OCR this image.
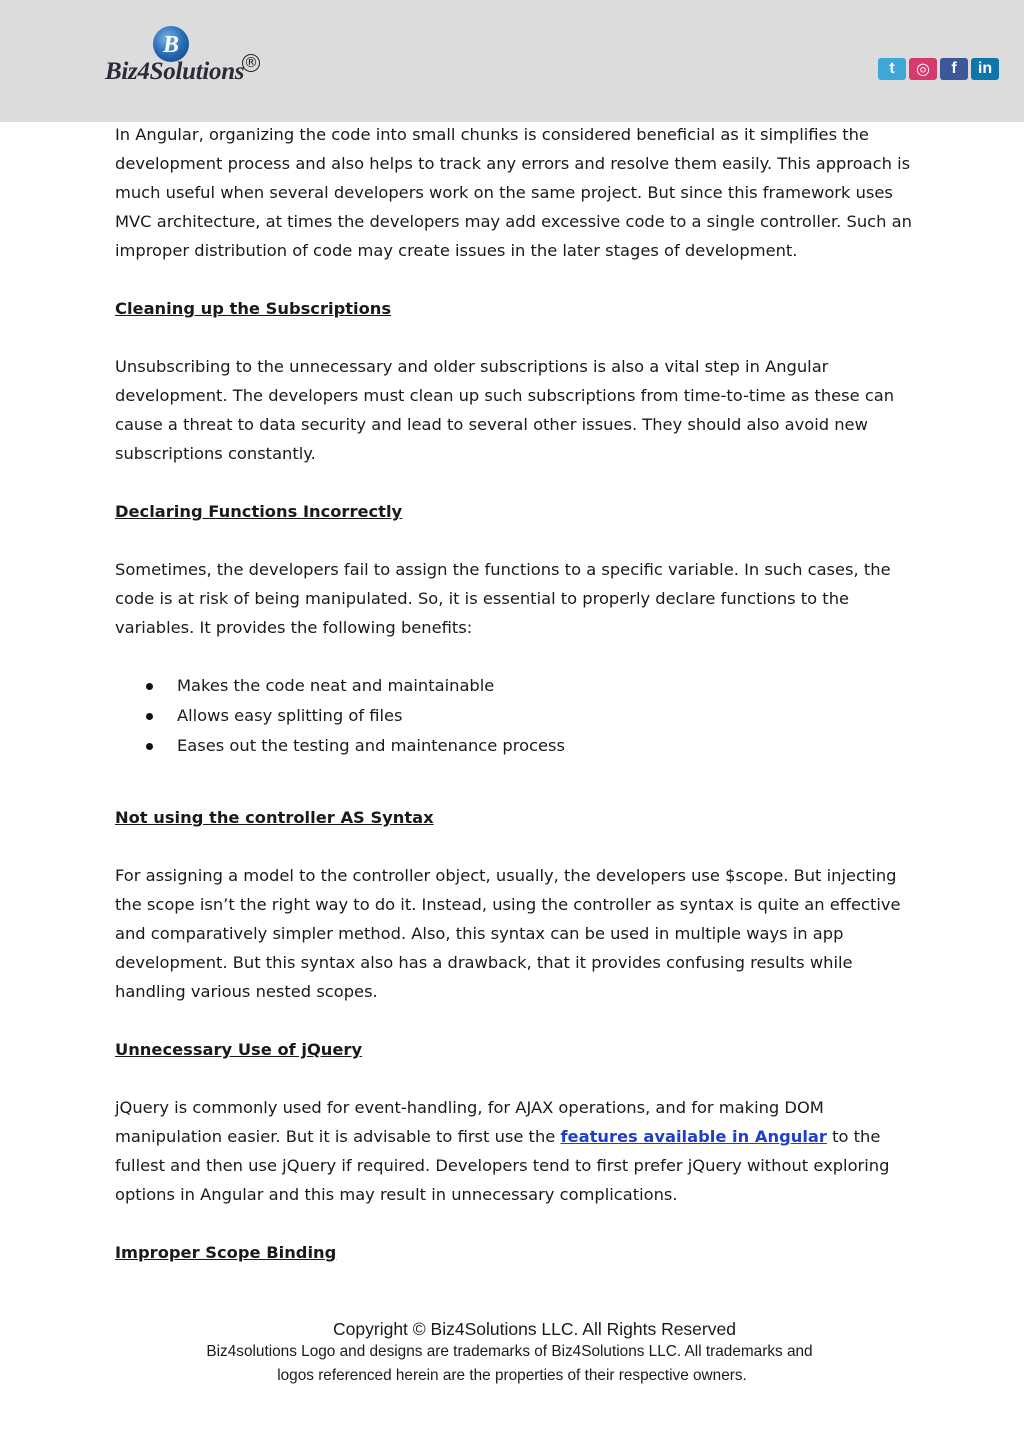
B
Biz4Solutions ®	t	◎	f	in

In Angular, organizing the code into small chunks is considered beneficial as it simplifies the development process and also helps to track any errors and resolve them easily. This approach is much useful when several developers work on the same project. But since this framework uses MVC architecture, at times the developers may add excessive code to a single controller. Such an improper distribution of code may create issues in the later stages of development.

Cleaning up the Subscriptions

Unsubscribing to the unnecessary and older subscriptions is also a vital step in Angular development. The developers must clean up such subscriptions from time-to-time as these can cause a threat to data security and lead to several other issues. They should also avoid new subscriptions constantly.

Declaring Functions Incorrectly

Sometimes, the developers fail to assign the functions to a specific variable. In such cases, the code is at risk of being manipulated. So, it is essential to properly declare functions to the variables. It provides the following benefits:

Makes the code neat and maintainable
Allows easy splitting of files
Eases out the testing and maintenance process

Not using the controller AS Syntax

For assigning a model to the controller object, usually, the developers use $scope. But injecting the scope isn’t the right way to do it. Instead, using the controller as syntax is quite an effective and comparatively simpler method. Also, this syntax can be used in multiple ways in app development. But this syntax also has a drawback, that it provides confusing results while handling various nested scopes.

Unnecessary Use of jQuery

jQuery is commonly used for event-handling, for AJAX operations, and for making DOM manipulation easier. But it is advisable to first use the features available in Angular to the fullest and then use jQuery if required. Developers tend to first prefer jQuery without exploring options in Angular and this may result in unnecessary complications.

Improper Scope Binding

Copyright © Biz4Solutions LLC. All Rights Reserved
Biz4solutions Logo and designs are trademarks of Biz4Solutions LLC. All trademarks and
logos referenced herein are the properties of their respective owners.
